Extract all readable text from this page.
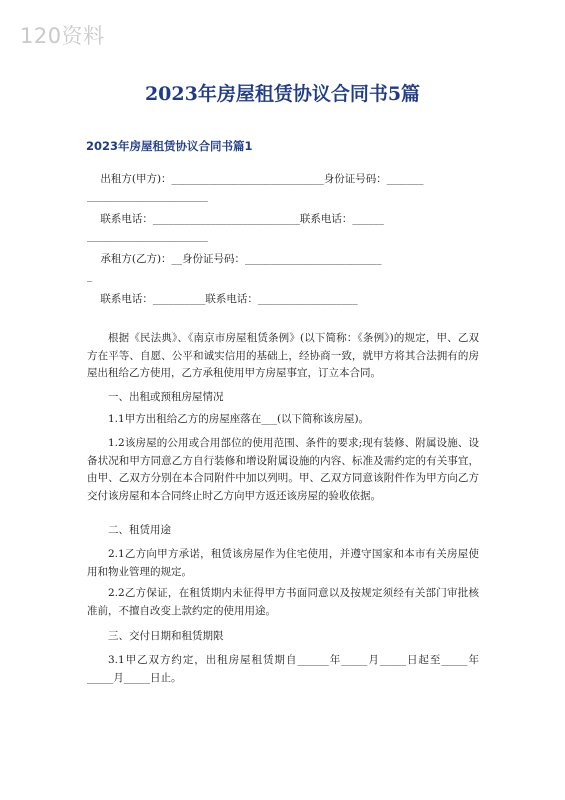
120资料
2023年房屋租赁协议合同书5篇
2023年房屋租赁协议合同书篇1
出租方(甲方)：_____________________________身份证号码：_______
_______________________
联系电话：____________________________联系电话：______
_______________________
承租方(乙方)：__身份证号码：__________________________
_
联系电话：__________联系电话：___________________
根据《民法典》、《南京市房屋租赁条例》(以下简称：《条例》)的规定，甲、乙双方在平等、自愿、公平和诚实信用的基础上，经协商一致，就甲方将其合法拥有的房屋出租给乙方使用，乙方承租使用甲方房屋事宜，订立本合同。
一、出租或预租房屋情况
1.1甲方出租给乙方的房屋座落在___(以下简称该房屋)。
1.2该房屋的公用或合用部位的使用范围、条件的要求;现有装修、附属设施、设备状况和甲方同意乙方自行装修和增设附属设施的内容、标准及需约定的有关事宜，由甲、乙双方分别在本合同附件中加以列明。甲、乙双方同意该附件作为甲方向乙方交付该房屋和本合同终止时乙方向甲方返还该房屋的验收依据。
二、租赁用途
2.1乙方向甲方承诺，租赁该房屋作为住宅使用，并遵守国家和本市有关房屋使用和物业管理的规定。
2.2乙方保证，在租赁期内未征得甲方书面同意以及按规定须经有关部门审批核准前，不擅自改变上款约定的使用用途。
三、交付日期和租赁期限
3.1甲乙双方约定，出租房屋租赁期自______年_____月_____日起至_____年_____月_____日止。
